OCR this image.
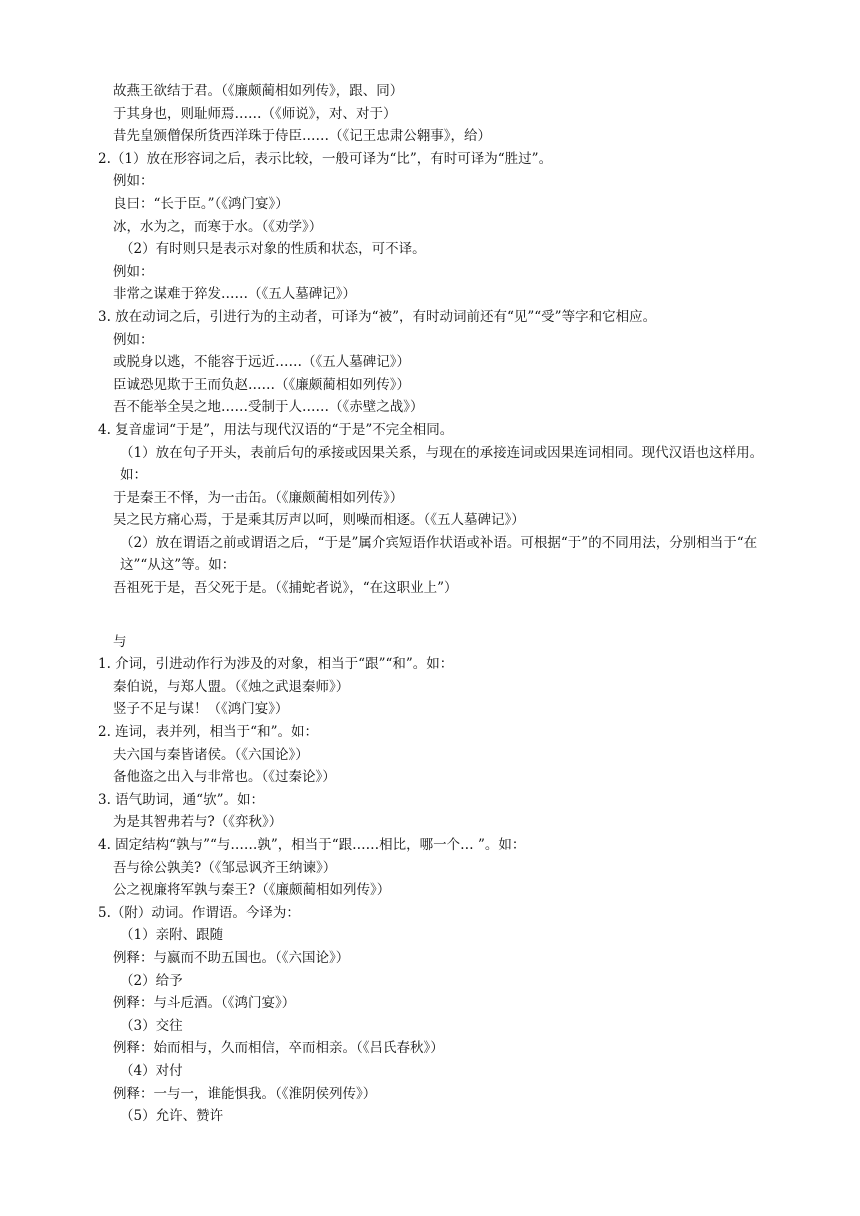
故燕王欲结于君。（《廉颇蔺相如列传》，跟、同）
于其身也，则耻师焉……（《师说》，对、对于）
昔先皇颁僧保所货西洋珠于侍臣……（《记王忠肃公翱事》，给）
2.（1）放在形容词之后，表示比较，一般可译为“比”，有时可译为“胜过”。
例如：
良曰：“长于臣。”（《鸿门宴》）
冰，水为之，而寒于水。（《劝学》）
（2）有时则只是表示对象的性质和状态，可不译。
例如：
非常之谋难于猝发……（《五人墓碑记》）
3. 放在动词之后，引进行为的主动者，可译为“被”，有时动词前还有“见”“受”等字和它相应。
例如：
或脱身以逃，不能容于远近……（《五人墓碑记》）
臣诚恐见欺于王而负赵……（《廉颇蔺相如列传》）
吾不能举全吴之地……受制于人……（《赤壁之战》）
4. 复音虚词“于是”，用法与现代汉语的“于是”不完全相同。
（1）放在句子开头，表前后句的承接或因果关系，与现在的承接连词或因果连词相同。现代汉语也这样用。如：
于是秦王不怿，为一击缶。（《廉颇蔺相如列传》）
吴之民方痛心焉，于是乘其厉声以呵，则噪而相逐。（《五人墓碑记》）
（2）放在谓语之前或谓语之后，“于是”属介宾短语作状语或补语。可根据“于”的不同用法，分别相当于“在这”“从这”等。如：
吾祖死于是，吾父死于是。（《捕蛇者说》，“在这职业上”）
与
1. 介词，引进动作行为涉及的对象，相当于“跟”“和”。如：
秦伯说，与郑人盟。（《烛之武退秦师》）
竖子不足与谋！（《鸿门宴》）
2. 连词，表并列，相当于“和”。如：
夫六国与秦皆诸侯。（《六国论》）
备他盗之出入与非常也。（《过秦论》）
3. 语气助词，通“欤”。如：
为是其智弗若与?（《弈秋》）
4. 固定结构“孰与”“与……孰”，相当于“跟……相比，哪一个… ”。如：
吾与徐公孰美?（《邹忌讽齐王纳谏》）
公之视廉将军孰与秦王?（《廉颇蔺相如列传》）
5.（附）动词。作谓语。今译为：
（1）亲附、跟随
例释：与嬴而不助五国也。（《六国论》）
（2）给予
例释：与斗卮酒。（《鸿门宴》）
（3）交往
例释：始而相与，久而相信，卒而相亲。（《吕氏春秋》）
（4）对付
例释：一与一，谁能惧我。（《淮阴侯列传》）
（5）允许、赞许
